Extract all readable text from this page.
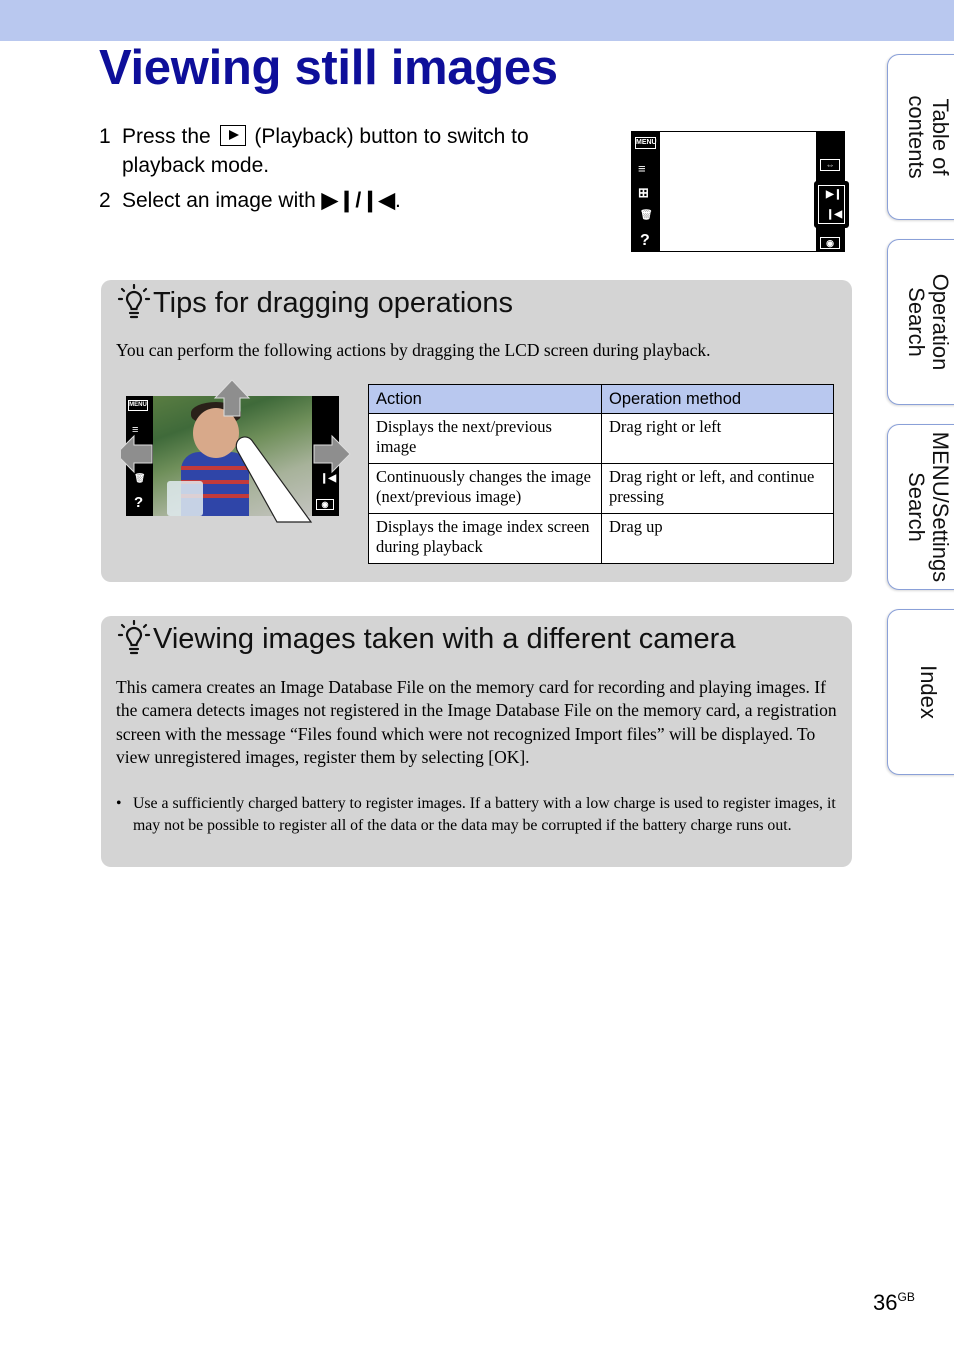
Viewing still images
1 Press the (Playback) button to switch to playback mode.
2 Select an image with ▶❙/❙◀.
MENU
≡
⊞
🗑
?
⇔
◉
▶❙
❙◀
Tips for dragging operations

You can perform the following actions by dragging the LCD screen during playback.

MENU
≡
🗑
?
❙◀
◉
Action	Operation method
Displays the next/previous image	Drag right or left
Continuously changes the image (next/previous image)	Drag right or left, and continue pressing
Displays the image index screen during playback	Drag up
Viewing images taken with a different camera

This camera creates an Image Database File on the memory card for recording and playing images. If the camera detects images not registered in the Image Database File on the memory card, a registration screen with the message “Files found which were not recognized Import files” will be displayed. To view unregistered images, register them by selecting [OK].

• Use a sufficiently charged battery to register images. If a battery with a low charge is used to register images, it may not be possible to register all of the data or the data may be corrupted if the battery charge runs out.
Table of
contents
Operation
Search
MENU/Settings
Search
Index
$36^{GB}$
